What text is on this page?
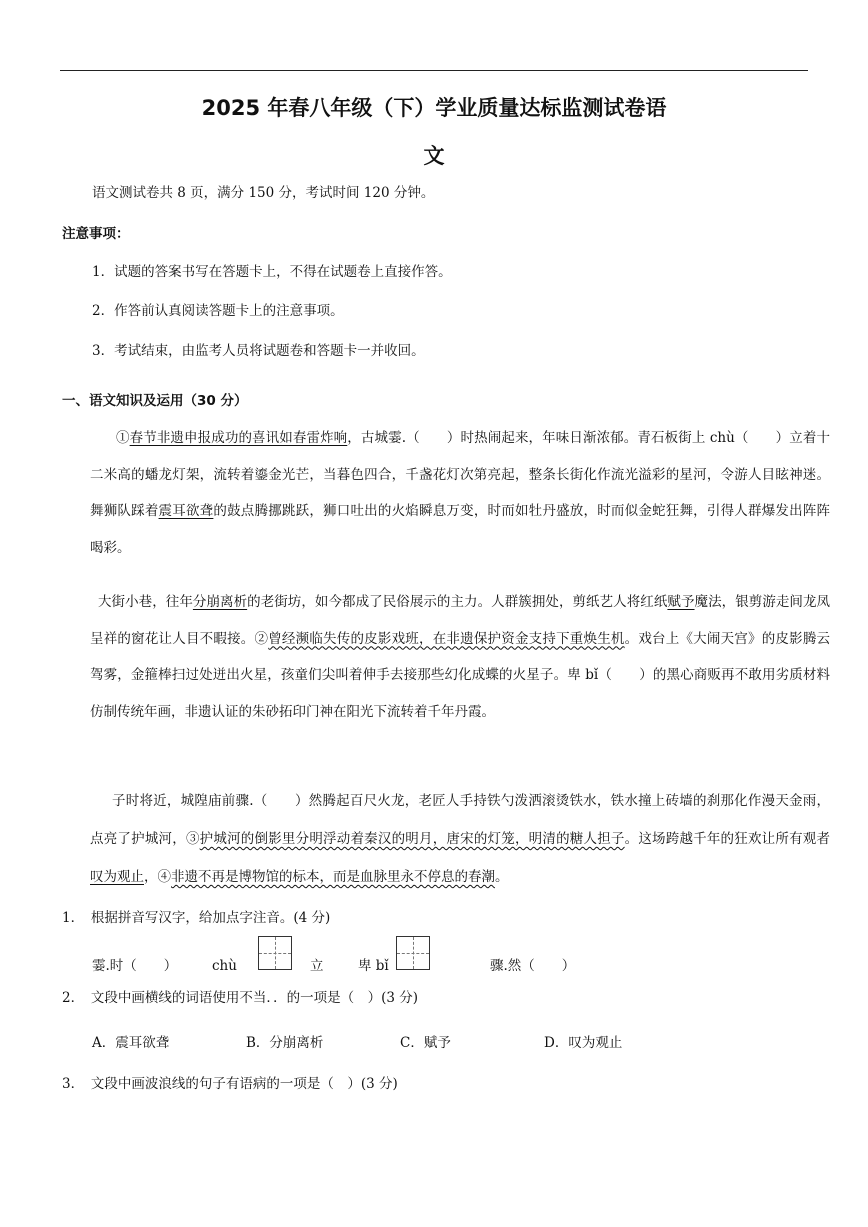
2025 年春八年级（下）学业质量达标监测试卷语
文
语文测试卷共 8 页，满分 150 分，考试时间 120 分钟。
注意事项：
1．试题的答案书写在答题卡上，不得在试题卷上直接作答。
2．作答前认真阅读答题卡上的注意事项。
3．考试结束，由监考人员将试题卷和答题卡一并收回。
一、语文知识及运用（30 分）
①春节非遗申报成功的喜讯如春雷炸响，古城霎.（　　）时热闹起来，年味日渐浓郁。青石板街上 chù（　　）立着十二米高的蟠龙灯架，流转着鎏金光芒，当暮色四合，千盏花灯次第亮起，整条长街化作流光溢彩的星河，令游人目眩神迷。舞狮队踩着震耳欲聋的鼓点腾挪跳跃，狮口吐出的火焰瞬息万变，时而如牡丹盛放，时而似金蛇狂舞，引得人群爆发出阵阵喝彩。
大街小巷，往年分崩离析的老街坊，如今都成了民俗展示的主力。人群簇拥处，剪纸艺人将红纸赋予魔法，银剪游走间龙凤呈祥的窗花让人目不暇接。②曾经濒临失传的皮影戏班，在非遗保护资金支持下重焕生机。戏台上《大闹天宫》的皮影腾云驾雾，金箍棒扫过处迸出火星，孩童们尖叫着伸手去接那些幻化成蝶的火星子。卑 bǐ（　　）的黑心商贩再不敢用劣质材料仿制传统年画，非遗认证的朱砂拓印门神在阳光下流转着千年丹霞。
子时将近，城隍庙前骤.（　　）然腾起百尺火龙，老匠人手持铁勺泼洒滚烫铁水，铁水撞上砖墙的刹那化作漫天金雨，点亮了护城河，③护城河的倒影里分明浮动着秦汉的明月，唐宋的灯笼，明清的糖人担子。这场跨越千年的狂欢让所有观者叹为观止，④非遗不再是博物馆的标本，而是血脉里永不停息的春潮。
1．　根据拼音写汉字，给加点字注音。(4 分)
霎.时（　　）	chù	立	卑 bǐ	骤.然（　　）
2．　文段中画横线的词语使用不当．．的一项是（　）(3 分)
A．震耳欲聋	B．分崩离析	C．赋予	D．叹为观止
3．　文段中画波浪线的句子有语病的一项是（　）(3 分)
